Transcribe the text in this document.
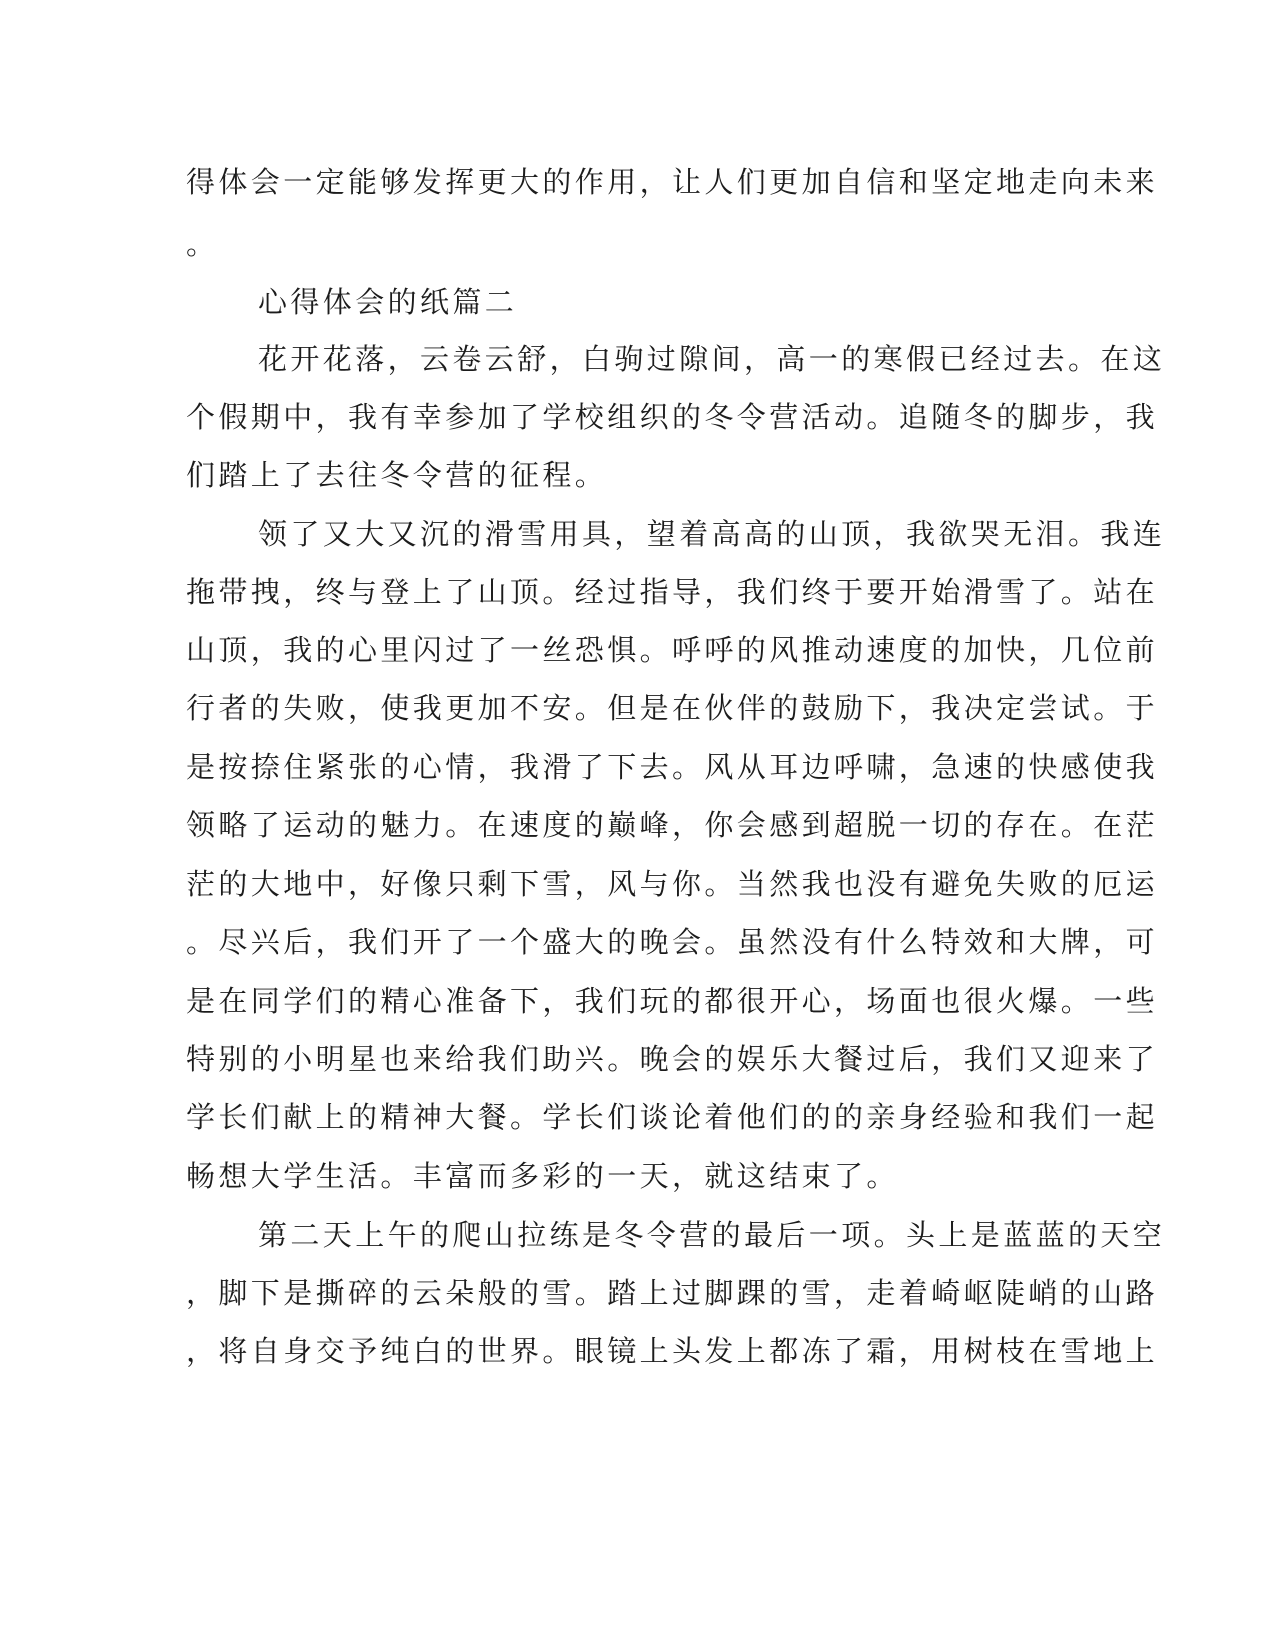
得体会一定能够发挥更大的作用，让人们更加自信和坚定地走向未来
。
心得体会的纸篇二
花开花落，云卷云舒，白驹过隙间，高一的寒假已经过去。在这
个假期中，我有幸参加了学校组织的冬令营活动。追随冬的脚步，我
们踏上了去往冬令营的征程。
领了又大又沉的滑雪用具，望着高高的山顶，我欲哭无泪。我连
拖带拽，终与登上了山顶。经过指导，我们终于要开始滑雪了。站在
山顶，我的心里闪过了一丝恐惧。呼呼的风推动速度的加快，几位前
行者的失败，使我更加不安。但是在伙伴的鼓励下，我决定尝试。于
是按捺住紧张的心情，我滑了下去。风从耳边呼啸，急速的快感使我
领略了运动的魅力。在速度的巅峰，你会感到超脱一切的存在。在茫
茫的大地中，好像只剩下雪，风与你。当然我也没有避免失败的厄运
。尽兴后，我们开了一个盛大的晚会。虽然没有什么特效和大牌，可
是在同学们的精心准备下，我们玩的都很开心，场面也很火爆。一些
特别的小明星也来给我们助兴。晚会的娱乐大餐过后，我们又迎来了
学长们献上的精神大餐。学长们谈论着他们的的亲身经验和我们一起
畅想大学生活。丰富而多彩的一天，就这结束了。
第二天上午的爬山拉练是冬令营的最后一项。头上是蓝蓝的天空
，脚下是撕碎的云朵般的雪。踏上过脚踝的雪，走着崎岖陡峭的山路
，将自身交予纯白的世界。眼镜上头发上都冻了霜，用树枝在雪地上
